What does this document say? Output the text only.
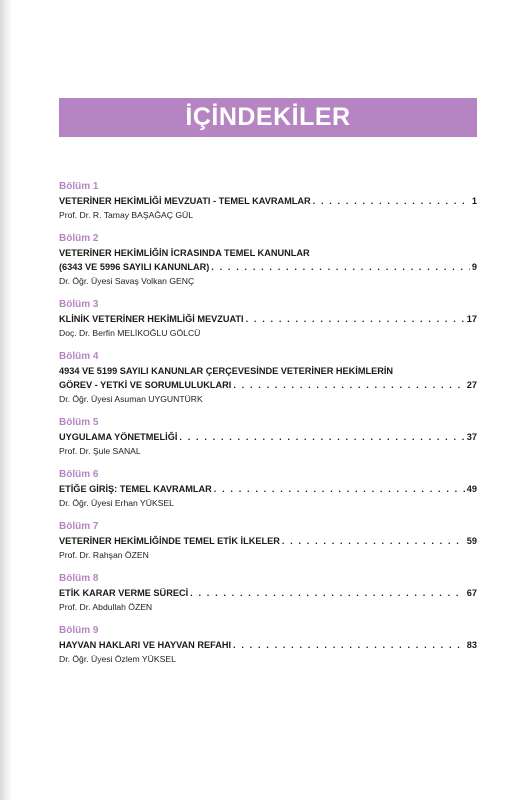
İÇİNDEKİLER
Bölüm 1
VETERİNER HEKİMLİĞİ MEVZUATI - TEMEL KAVRAMLAR . . .	1
Prof. Dr. R. Tamay BAŞAĞAÇ GÜL
Bölüm 2
VETERİNER HEKİMLİĞİN İCRASINDA TEMEL KANUNLAR
(6343 VE 5996 SAYILI KANUNLAR) . . .	9
Dr. Öğr. Üyesi Savaş Volkan GENÇ
Bölüm 3
KLİNİK VETERİNER HEKİMLİĞİ MEVZUATI . . .	17
Doç. Dr. Berfin MELİKOĞLU GÖLCÜ
Bölüm 4
4934 VE 5199 SAYILI KANUNLAR ÇERÇEVESİNDE VETERİNER HEKİMLERİN
GÖREV - YETKİ VE SORUMLULUKLARI . . .	27
Dr. Öğr. Üyesi Asuman UYGUNTÜRK
Bölüm 5
UYGULAMA YÖNETMELİĞİ . . .	37
Prof. Dr. Şule SANAL
Bölüm 6
ETİĞE GİRİŞ: TEMEL KAVRAMLAR . . .	49
Dr. Öğr. Üyesi Erhan YÜKSEL
Bölüm 7
VETERİNER HEKİMLİĞİNDE TEMEL ETİK İLKELER . . .	59
Prof. Dr. Rahşan ÖZEN
Bölüm 8
ETİK KARAR VERME SÜRECİ . . .	67
Prof. Dr. Abdullah ÖZEN
Bölüm 9
HAYVAN HAKLARI VE HAYVAN REFAHI . . .	83
Dr. Öğr. Üyesi Özlem YÜKSEL
